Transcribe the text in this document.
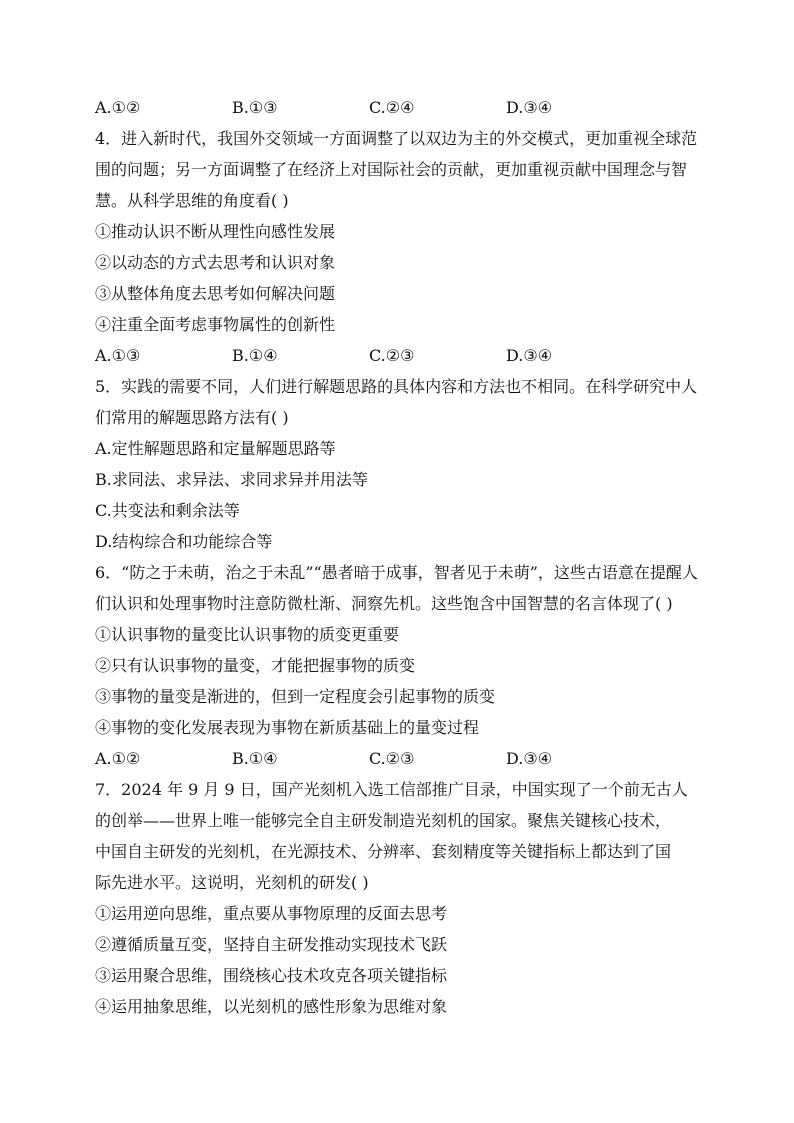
A.①②	B.①③	C.②④	D.③④
4．进入新时代，我国外交领域一方面调整了以双边为主的外交模式，更加重视全球范
围的问题；另一方面调整了在经济上对国际社会的贡献，更加重视贡献中国理念与智
慧。从科学思维的角度看( )
①推动认识不断从理性向感性发展
②以动态的方式去思考和认识对象
③从整体角度去思考如何解决问题
④注重全面考虑事物属性的创新性
A.①③	B.①④	C.②③	D.③④
5．实践的需要不同，人们进行解题思路的具体内容和方法也不相同。在科学研究中人
们常用的解题思路方法有( )
A.定性解题思路和定量解题思路等
B.求同法、求异法、求同求异并用法等
C.共变法和剩余法等
D.结构综合和功能综合等
6．“防之于未萌，治之于未乱”“愚者暗于成事，智者见于未萌”，这些古语意在提醒人
们认识和处理事物时注意防微杜渐、洞察先机。这些饱含中国智慧的名言体现了( )
①认识事物的量变比认识事物的质变更重要
②只有认识事物的量变，才能把握事物的质变
③事物的量变是渐进的，但到一定程度会引起事物的质变
④事物的变化发展表现为事物在新质基础上的量变过程
A.①②	B.①④	C.②③	D.③④
7．2024 年 9 月 9 日，国产光刻机入选工信部推广目录，中国实现了一个前无古人
的创举——世界上唯一能够完全自主研发制造光刻机的国家。聚焦关键核心技术，
中国自主研发的光刻机，在光源技术、分辨率、套刻精度等关键指标上都达到了国
际先进水平。这说明，光刻机的研发( )
①运用逆向思维，重点要从事物原理的反面去思考
②遵循质量互变，坚持自主研发推动实现技术飞跃
③运用聚合思维，围绕核心技术攻克各项关键指标
④运用抽象思维，以光刻机的感性形象为思维对象
